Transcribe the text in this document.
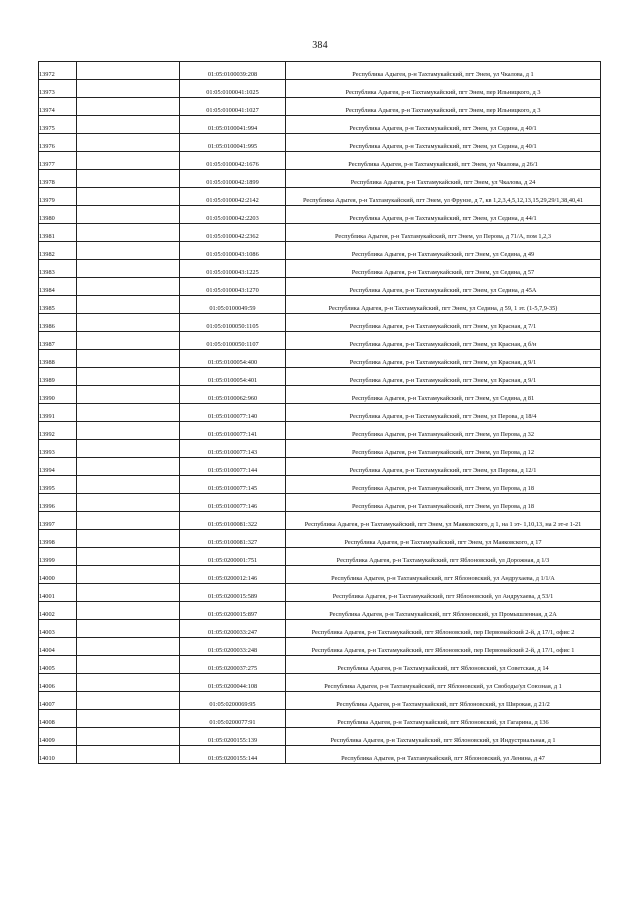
384
13972		01:05:0100039:208	Республика Адыгея, р-н Тахтамукайский, пгт Энем, ул Чкалова, д 1
13973		01:05:0100041:1025	Республика Адыгея, р-н Тахтамукайский, пгт Энем, пер Ильницкого, д 3
13974		01:05:0100041:1027	Республика Адыгея, р-н Тахтамукайский, пгт Энем, пер Ильницкого, д 3
13975		01:05:0100041:994	Республика Адыгея, р-н Тахтамукайский, пгт Энем, ул Седина, д 40/1
13976		01:05:0100041:995	Республика Адыгея, р-н Тахтамукайский, пгт Энем, ул Седина, д 40/1
13977		01:05:0100042:1676	Республика Адыгея, р-н Тахтамукайский, пгт Энем, ул Чкалова, д 26/1
13978		01:05:0100042:1899	Республика Адыгея, р-н Тахтамукайский, пгт Энем, ул Чкалова, д 24
13979		01:05:0100042:2142	Республика Адыгея, р-н Тахтамукайский, пгт Энем, ул Фрунзе, д 7, кв 1,2,3,4,5,12,13,15,29,29/1,38,40,41
13980		01:05:0100042:2203	Республика Адыгея, р-н Тахтамукайский, пгт Энем, ул Седина, д 44/1
13981		01:05:0100042:2362	Республика Адыгея, р-н Тахтамукайский, пгт Энем, ул Перова, д 71/А, пом 1,2,3
13982		01:05:0100043:1086	Республика Адыгея, р-н Тахтамукайский, пгт Энем, ул Седина, д 49
13983		01:05:0100043:1225	Республика Адыгея, р-н Тахтамукайский, пгт Энем, ул Седина, д 57
13984		01:05:0100043:1270	Республика Адыгея, р-н Тахтамукайский, пгт Энем, ул Седина, д 45А
13985		01:05:0100049:59	Республика Адыгея, р-н Тахтамукайский, пгт Энем, ул Седина, д 59, 1 эт. (1-5,7,9-35)
13986		01:05:0100050:1105	Республика Адыгея, р-н Тахтамукайский, пгт Энем, ул Красная, д 7/1
13987		01:05:0100050:1107	Республика Адыгея, р-н Тахтамукайский, пгт Энем, ул Красная, д б/н
13988		01:05:0100054:400	Республика Адыгея, р-н Тахтамукайский, пгт Энем, ул Красная, д 9/1
13989		01:05:0100054:401	Республика Адыгея, р-н Тахтамукайский, пгт Энем, ул Красная, д 9/1
13990		01:05:0100062:960	Республика Адыгея, р-н Тахтамукайский, пгт Энем, ул Седина, д 81
13991		01:05:0100077:140	Республика Адыгея, р-н Тахтамукайский, пгт Энем, ул Перова, д 18/4
13992		01:05:0100077:141	Республика Адыгея, р-н Тахтамукайский, пгт Энем, ул Перова, д 32
13993		01:05:0100077:143	Республика Адыгея, р-н Тахтамукайский, пгт Энем, ул Перова, д 12
13994		01:05:0100077:144	Республика Адыгея, р-н Тахтамукайский, пгт Энем, ул Перова, д 12/1
13995		01:05:0100077:145	Республика Адыгея, р-н Тахтамукайский, пгт Энем, ул Перова, д 18
13996		01:05:0100077:146	Республика Адыгея, р-н Тахтамукайский, пгт Энем, ул Перова, д 18
13997		01:05:0100081:322	Республика Адыгея, р-н Тахтамукайский, пгт Энем, ул Маяковского, д 1, на 1 эт- 1,10,13, на 2 эт-е 1-21
13998		01:05:0100081:327	Республика Адыгея, р-н Тахтамукайский, пгт Энем, ул Маяковского, д 17
13999		01:05:0200001:751	Республика Адыгея, р-н Тахтамукайский, пгт Яблоновский, ул Дорожная, д 1/3
14000		01:05:0200012:146	Республика Адыгея, р-н Тахтамукайский, пгт Яблоновский, ул Андрухаева, д 1/1/А
14001		01:05:0200015:589	Республика Адыгея, р-н Тахтамукайский, пгт Яблоновский, ул Андрухаева, д 53/1
14002		01:05:0200015:897	Республика Адыгея, р-н Тахтамукайский, пгт Яблоновский, ул Промышленная, д 2А
14003		01:05:0200033:247	Республика Адыгея, р-н Тахтамукайский, пгт Яблоновский, пер Первомайский 2-й, д 17/1, офис 2
14004		01:05:0200033:248	Республика Адыгея, р-н Тахтамукайский, пгт Яблоновский, пер Первомайский 2-й, д 17/1, офис 1
14005		01:05:0200037:275	Республика Адыгея, р-н Тахтамукайский, пгт Яблоновский, ул Советская, д 14
14006		01:05:0200044:108	Республика Адыгея, р-н Тахтамукайский, пгт Яблоновский, ул Свободы/ул Союзная, д 1
14007		01:05:0200069:95	Республика Адыгея, р-н Тахтамукайский, пгт Яблоновский, ул Широкая, д 21/2
14008		01:05:0200077:91	Республика Адыгея, р-н Тахтамукайский, пгт Яблоновский, ул Гагарина, д 136
14009		01:05:0200155:139	Республика Адыгея, р-н Тахтамукайский, пгт Яблоновский, ул Индустриальная, д 1
14010		01:05:0200155:144	Республика Адыгея, р-н Тахтамукайский, пгт Яблоновский, ул Ленина, д 47
